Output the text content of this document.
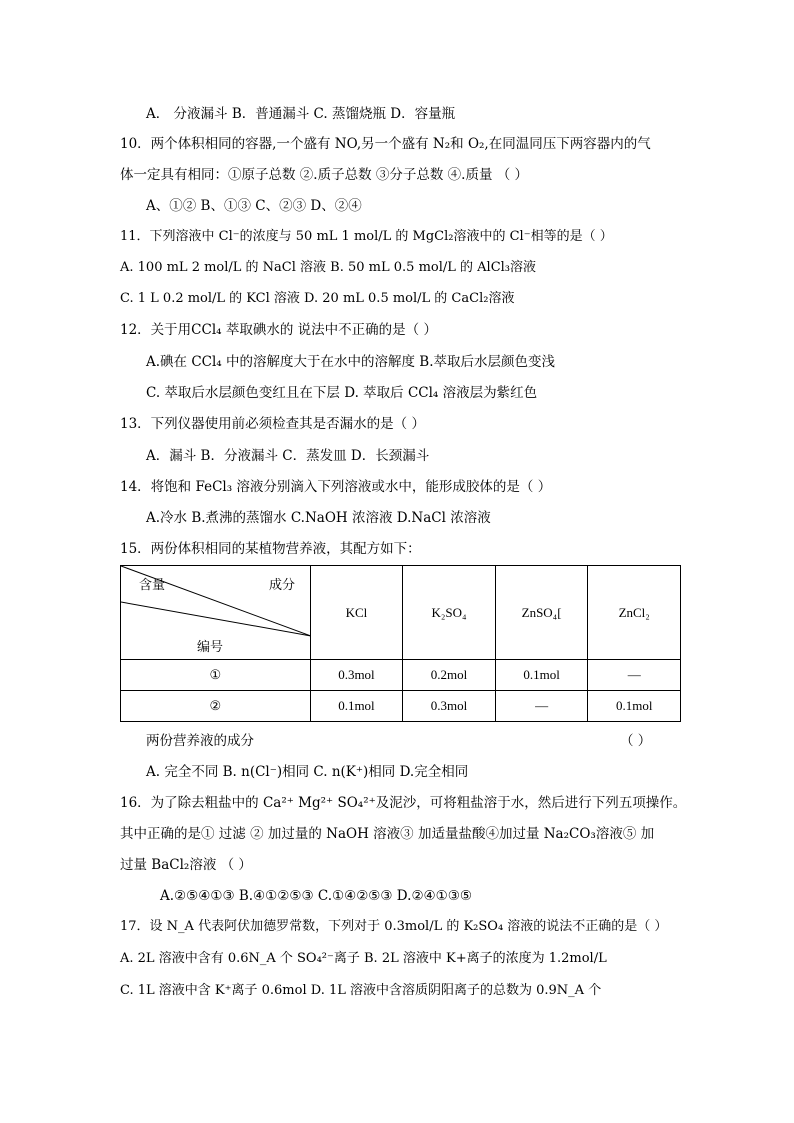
A． 分液漏斗 B．普通漏斗 C. 蒸馏烧瓶 D．容量瓶
10．两个体积相同的容器,一个盛有 NO,另一个盛有 N₂和 O₂,在同温同压下两容器内的气
体一定具有相同：①原子总数 ②.质子总数 ③分子总数 ④.质量 （ ）
A、①② B、①③ C、②③ D、②④
11．下列溶液中 Cl⁻的浓度与 50 mL 1 mol/L 的 MgCl₂溶液中的 Cl⁻相等的是（ ）
A. 100 mL 2 mol/L 的 NaCl 溶液 B. 50 mL 0.5 mol/L 的 AlCl₃溶液
C. 1 L 0.2 mol/L 的 KCl 溶液 D. 20 mL 0.5 mol/L 的 CaCl₂溶液
12．关于用CCl₄ 萃取碘水的 说法中不正确的是（ ）
A.碘在 CCl₄ 中的溶解度大于在水中的溶解度 B.萃取后水层颜色变浅
C. 萃取后水层颜色变红且在下层 D. 萃取后 CCl₄ 溶液层为紫红色
13．下列仪器使用前必须检查其是否漏水的是（ ）
A．漏斗 B．分液漏斗 C．蒸发皿 D．长颈漏斗
14．将饱和 FeCl₃ 溶液分别滴入下列溶液或水中，能形成胶体的是（ ）
A.冷水 B.煮沸的蒸馏水 C.NaOH 浓溶液 D.NaCl 浓溶液
15．两份体积相同的某植物营养液，其配方如下：
含量 成分
编号	KCl	K₂SO₄	ZnSO₄[	ZnCl₂
①	0.3mol	0.2mol	0.1mol	—
②	0.1mol	0.3mol	—	0.1mol
两份营养液的成分	（ ）
A. 完全不同 B. n(Cl⁻)相同 C. n(K⁺)相同 D.完全相同
16．为了除去粗盐中的 Ca²⁺ Mg²⁺ SO₄²⁺及泥沙，可将粗盐溶于水，然后进行下列五项操作。
其中正确的是① 过滤 ② 加过量的 NaOH 溶液③ 加适量盐酸④加过量 Na₂CO₃溶液⑤ 加
过量 BaCl₂溶液 （ ）
A.②⑤④①③ B.④①②⑤③ C.①④②⑤③ D.②④①③⑤
17．设 N_A 代表阿伏加德罗常数，下列对于 0.3mol/L 的 K₂SO₄ 溶液的说法不正确的是（ ）
A. 2L 溶液中含有 0.6N_A 个 SO₄²⁻离子 B. 2L 溶液中 K+离子的浓度为 1.2mol/L
C. 1L 溶液中含 K⁺离子 0.6mol D. 1L 溶液中含溶质阴阳离子的总数为 0.9N_A 个
